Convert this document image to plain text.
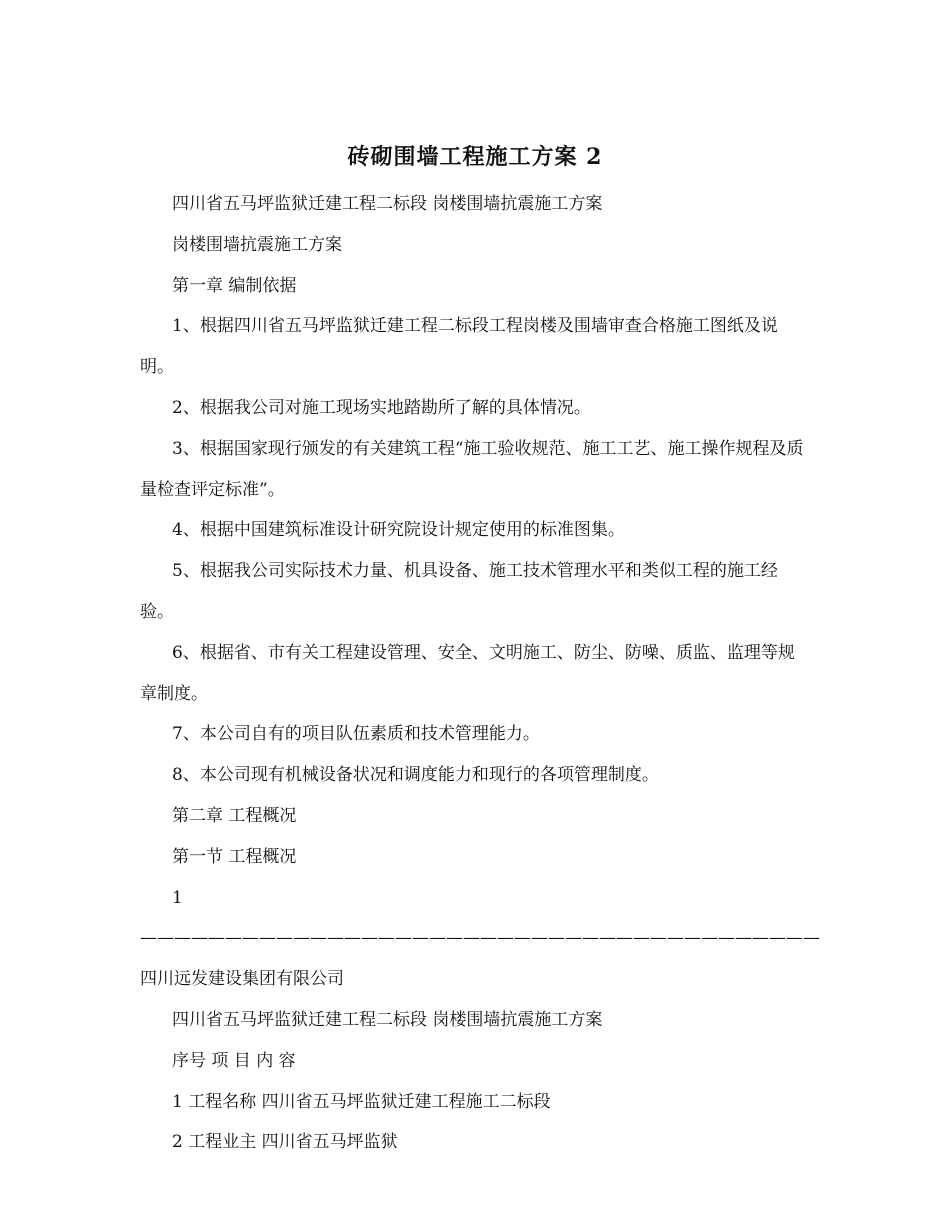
砖砌围墙工程施工方案 2

四川省五马坪监狱迁建工程二标段 岗楼围墙抗震施工方案

岗楼围墙抗震施工方案

第一章 编制依据

1、根据四川省五马坪监狱迁建工程二标段工程岗楼及围墙审查合格施工图纸及说明。

2、根据我公司对施工现场实地踏勘所了解的具体情况。

3、根据国家现行颁发的有关建筑工程“施工验收规范、施工工艺、施工操作规程及质量检查评定标准”。

4、根据中国建筑标准设计研究院设计规定使用的标准图集。

5、根据我公司实际技术力量、机具设备、施工技术管理水平和类似工程的施工经验。

6、根据省、市有关工程建设管理、安全、文明施工、防尘、防噪、质监、监理等规章制度。

7、本公司自有的项目队伍素质和技术管理能力。

8、本公司现有机械设备状况和调度能力和现行的各项管理制度。

第二章 工程概况

第一节 工程概况

1 ————————————————————————————————————————四川远发建设集团有限公司

四川省五马坪监狱迁建工程二标段 岗楼围墙抗震施工方案

序号 项 目 内 容

1 工程名称 四川省五马坪监狱迁建工程施工二标段

2 工程业主 四川省五马坪监狱
